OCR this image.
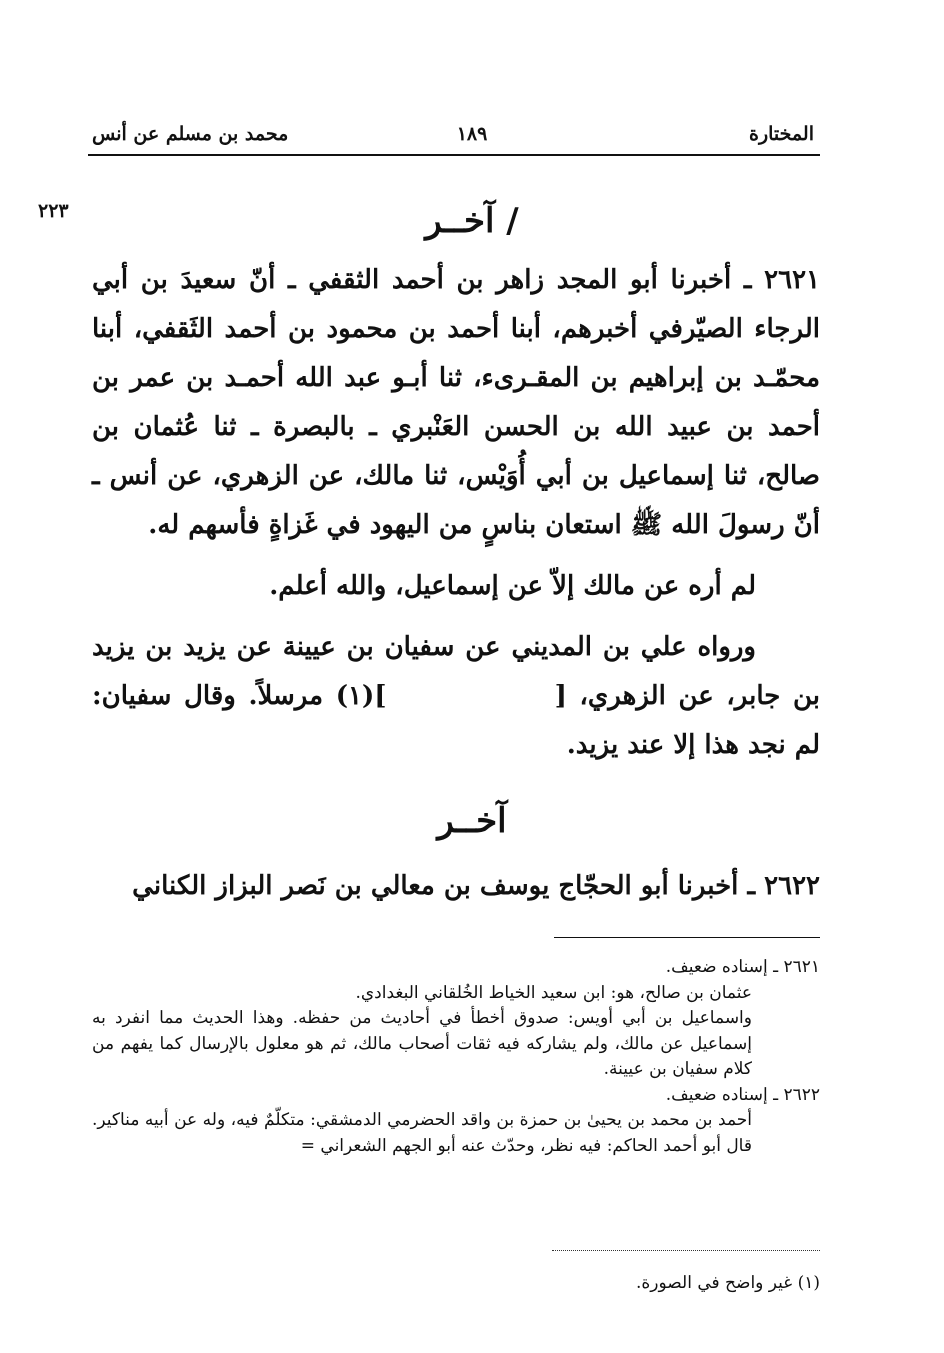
المختارة
١٨٩
محمد بن مسلم عن أنس
٢٢٣	/ آخــر

٢٦٢١ ـ أخبرنا أبو المجد زاهر بن أحمد الثقفي ـ أنّ سعيدَ بن أبي الرجاء الصيّرفي أخبرهم، أبنا أحمد بن محمود بن أحمد الثَقفي، أبنا محمّـد بن إبراهيم بن المقـرىء، ثنا أبـو عبد الله أحمـد بن عمر بن أحمد بن عبيد الله بن الحسن العَنْبري ـ بالبصرة ـ ثنا عُثمان بن صالح، ثنا إسماعيل بن أبي أُوَيْس، ثنا مالك، عن الزهري، عن أنس ـ أنّ رسولَ الله ﷺ استعان بناسٍ من اليهود في غَزاةٍ فأسهم له.

لم أره عن مالك إلاّ عن إسماعيل، والله أعلم.

ورواه علي بن المديني عن سفيان بن عيينة عن يزيد بن يزيد بن جابر، عن الزهري، [](١) مرسلاً. وقال سفيان: لم نجد هذا إلا عند يزيد.

آخــر

٢٦٢٢ ـ أخبرنا أبو الحجّاج يوسف بن معالي بن نَصر البزاز الكناني

٢٦٢١ ـ إسناده ضعيف.

عثمان بن صالح، هو: ابن سعيد الخياط الخُلقاني البغدادي.

واسماعيل بن أبي أويس: صدوق أخطأ في أحاديث من حفظه. وهذا الحديث مما انفرد به إسماعيل عن مالك، ولم يشاركه فيه ثقات أصحاب مالك، ثم هو معلول بالإرسال كما يفهم من كلام سفيان بن عيينة.

٢٦٢٢ ـ إسناده ضعيف.

أحمد بن محمد بن يحيىٰ بن حمزة بن واقد الحضرمي الدمشقي: متكلّمٌ فيه، وله عن أبيه مناكير. قال أبو أحمد الحاكم: فيه نظر، وحدّث عنه أبو الجهم الشعراني =

(١) غير واضح في الصورة.
